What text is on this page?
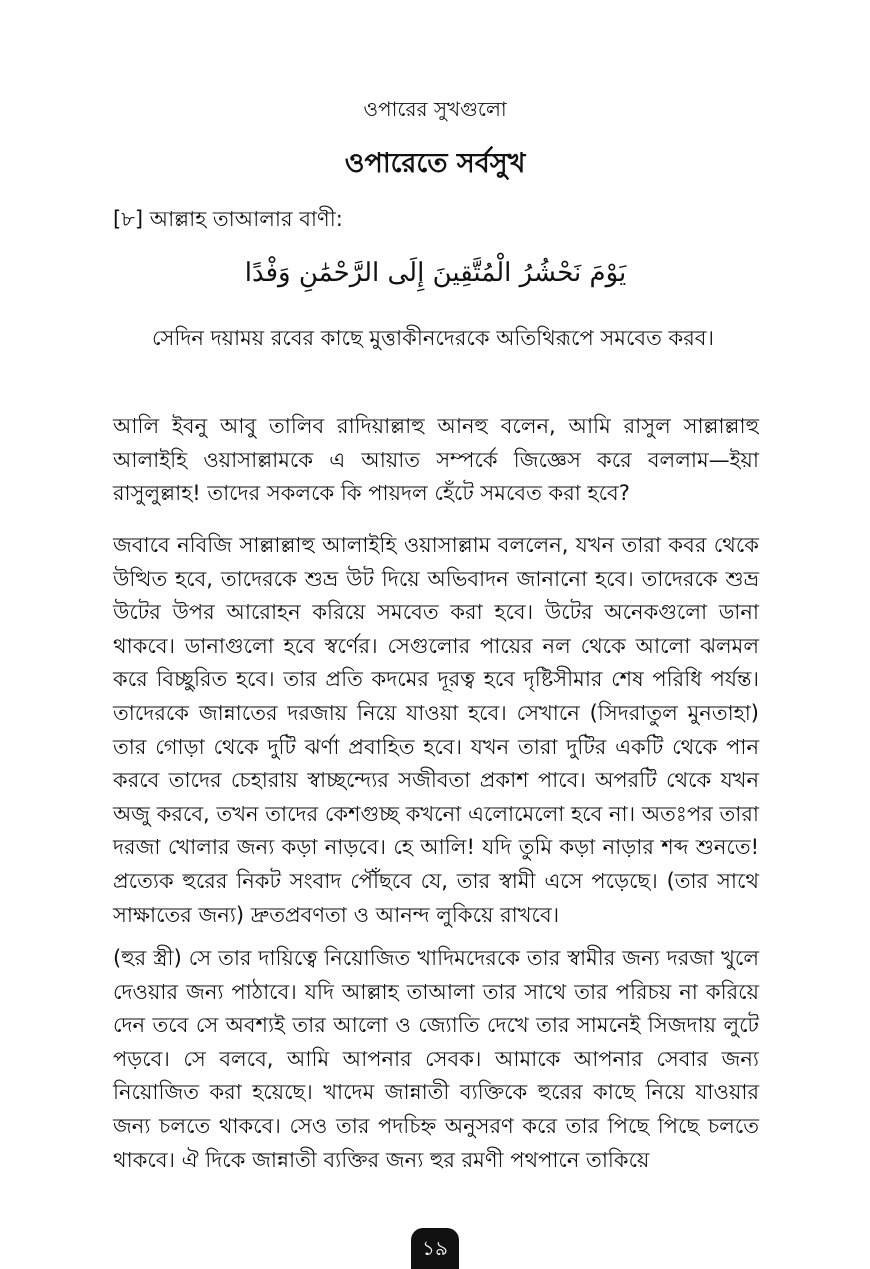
ওপারের সুখগুলো
ওপারেতে সর্বসুখ
[৮] আল্লাহ তাআলার বাণী:
يَوْمَ نَحْشُرُ الْمُتَّقِينَ إِلَى الرَّحْمَٰنِ وَفْدًا
সেদিন দয়াময় রবের কাছে মুত্তাকীনদেরকে অতিথিরূপে সমবেত করব।
আলি ইবনু আবু তালিব রাদিয়াল্লাহু আনহু বলেন, আমি রাসুল সাল্লাল্লাহু আলাইহি ওয়াসাল্লামকে এ আয়াত সম্পর্কে জিজ্ঞেস করে বললাম—ইয়া রাসুলুল্লাহ! তাদের সকলকে কি পায়দল হেঁটে সমবেত করা হবে?
জবাবে নবিজি সাল্লাল্লাহু আলাইহি ওয়াসাল্লাম বললেন, যখন তারা কবর থেকে উত্থিত হবে, তাদেরকে শুভ্র উট দিয়ে অভিবাদন জানানো হবে। তাদেরকে শুভ্র উটের উপর আরোহন করিয়ে সমবেত করা হবে। উটের অনেকগুলো ডানা থাকবে। ডানাগুলো হবে স্বর্ণের। সেগুলোর পায়ের নল থেকে আলো ঝলমল করে বিচ্ছুরিত হবে। তার প্রতি কদমের দূরত্ব হবে দৃষ্টিসীমার শেষ পরিধি পর্যন্ত। তাদেরকে জান্নাতের দরজায় নিয়ে যাওয়া হবে। সেখানে (সিদরাতুল মুনতাহা) তার গোড়া থেকে দুটি ঝর্ণা প্রবাহিত হবে। যখন তারা দুটির একটি থেকে পান করবে তাদের চেহারায় স্বাচ্ছন্দ্যের সজীবতা প্রকাশ পাবে। অপরটি থেকে যখন অজু করবে, তখন তাদের কেশগুচ্ছ কখনো এলোমেলো হবে না। অতঃপর তারা দরজা খোলার জন্য কড়া নাড়বে। হে আলি! যদি তুমি কড়া নাড়ার শব্দ শুনতে! প্রত্যেক হুরের নিকট সংবাদ পৌঁছবে যে, তার স্বামী এসে পড়েছে। (তার সাথে সাক্ষাতের জন্য) দ্রুতপ্রবণতা ও আনন্দ লুকিয়ে রাখবে।
(হুর স্ত্রী) সে তার দায়িত্বে নিয়োজিত খাদিমদেরকে তার স্বামীর জন্য দরজা খুলে দেওয়ার জন্য পাঠাবে। যদি আল্লাহ তাআলা তার সাথে তার পরিচয় না করিয়ে দেন তবে সে অবশ্যই তার আলো ও জ্যোতি দেখে তার সামনেই সিজদায় লুটে পড়বে। সে বলবে, আমি আপনার সেবক। আমাকে আপনার সেবার জন্য নিয়োজিত করা হয়েছে। খাদেম জান্নাতী ব্যক্তিকে হুরের কাছে নিয়ে যাওয়ার জন্য চলতে থাকবে। সেও তার পদচিহ্ন অনুসরণ করে তার পিছে পিছে চলতে থাকবে। ঐ দিকে জান্নাতী ব্যক্তির জন্য হুর রমণী পথপানে তাকিয়ে
১৯
